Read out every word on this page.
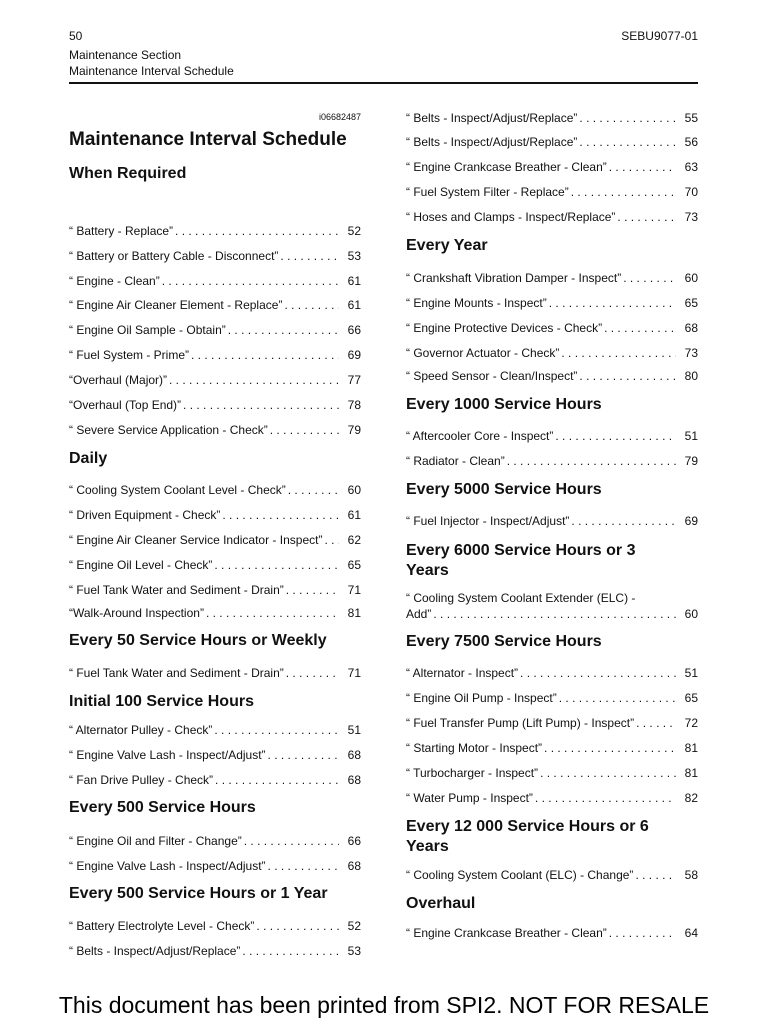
50	SEBU9077-01
Maintenance Section
Maintenance Interval Schedule
i06682487
Maintenance Interval Schedule
When Required
“ Battery - Replace” . . .	52
“ Battery or Battery Cable - Disconnect” . . .	53
“ Engine - Clean” . . .	61
“ Engine Air Cleaner Element - Replace” . . .	61
“ Engine Oil Sample - Obtain” . . .	66
“ Fuel System - Prime” . . .	69
“Overhaul (Major)” . . .	77
“Overhaul (Top End)” . . .	78
“ Severe Service Application - Check” . . .	79
Daily
“ Cooling System Coolant Level - Check” . . .	60
“ Driven Equipment - Check” . . .	61
“ Engine Air Cleaner Service Indicator - Inspect” . . .	62
“ Engine Oil Level - Check” . . .	65
“ Fuel Tank Water and Sediment - Drain” . . .	71
“Walk-Around Inspection” . . .	81
Every 50 Service Hours or Weekly
“ Fuel Tank Water and Sediment - Drain” . . .	71
Initial 100 Service Hours
“ Alternator Pulley - Check” . . .	51
“ Engine Valve Lash - Inspect/Adjust” . . .	68
“ Fan Drive Pulley - Check” . . .	68
Every 500 Service Hours
“ Engine Oil and Filter - Change” . . .	66
“ Engine Valve Lash - Inspect/Adjust” . . .	68
Every 500 Service Hours or 1 Year
“ Battery Electrolyte Level - Check” . . .	52
“ Belts - Inspect/Adjust/Replace” . . .	53
“ Belts - Inspect/Adjust/Replace” . . .	55
“ Belts - Inspect/Adjust/Replace” . . .	56
“ Engine Crankcase Breather - Clean” . . .	63
“ Fuel System Filter - Replace” . . .	70
“ Hoses and Clamps - Inspect/Replace” . . .	73
Every Year
“ Crankshaft Vibration Damper - Inspect” . . .	60
“ Engine Mounts - Inspect” . . .	65
“ Engine Protective Devices - Check” . . .	68
“ Governor Actuator - Check” . . .	73
“ Speed Sensor - Clean/Inspect” . . .	80
Every 1000 Service Hours
“ Aftercooler Core - Inspect” . . .	51
“ Radiator - Clean” . . .	79
Every 5000 Service Hours
“ Fuel Injector - Inspect/Adjust” . . .	69
Every 6000 Service Hours or 3 Years
“ Cooling System Coolant Extender (ELC) -
Add” . . .	60
Every 7500 Service Hours
“ Alternator - Inspect” . . .	51
“ Engine Oil Pump - Inspect” . . .	65
“ Fuel Transfer Pump (Lift Pump) - Inspect” . . .	72
“ Starting Motor - Inspect” . . .	81
“ Turbocharger - Inspect” . . .	81
“ Water Pump - Inspect” . . .	82
Every 12 000 Service Hours or 6 Years
“ Cooling System Coolant (ELC) - Change” . . .	58
Overhaul
“ Engine Crankcase Breather - Clean” . . .	64
This document has been printed from SPI2. NOT FOR RESALE
